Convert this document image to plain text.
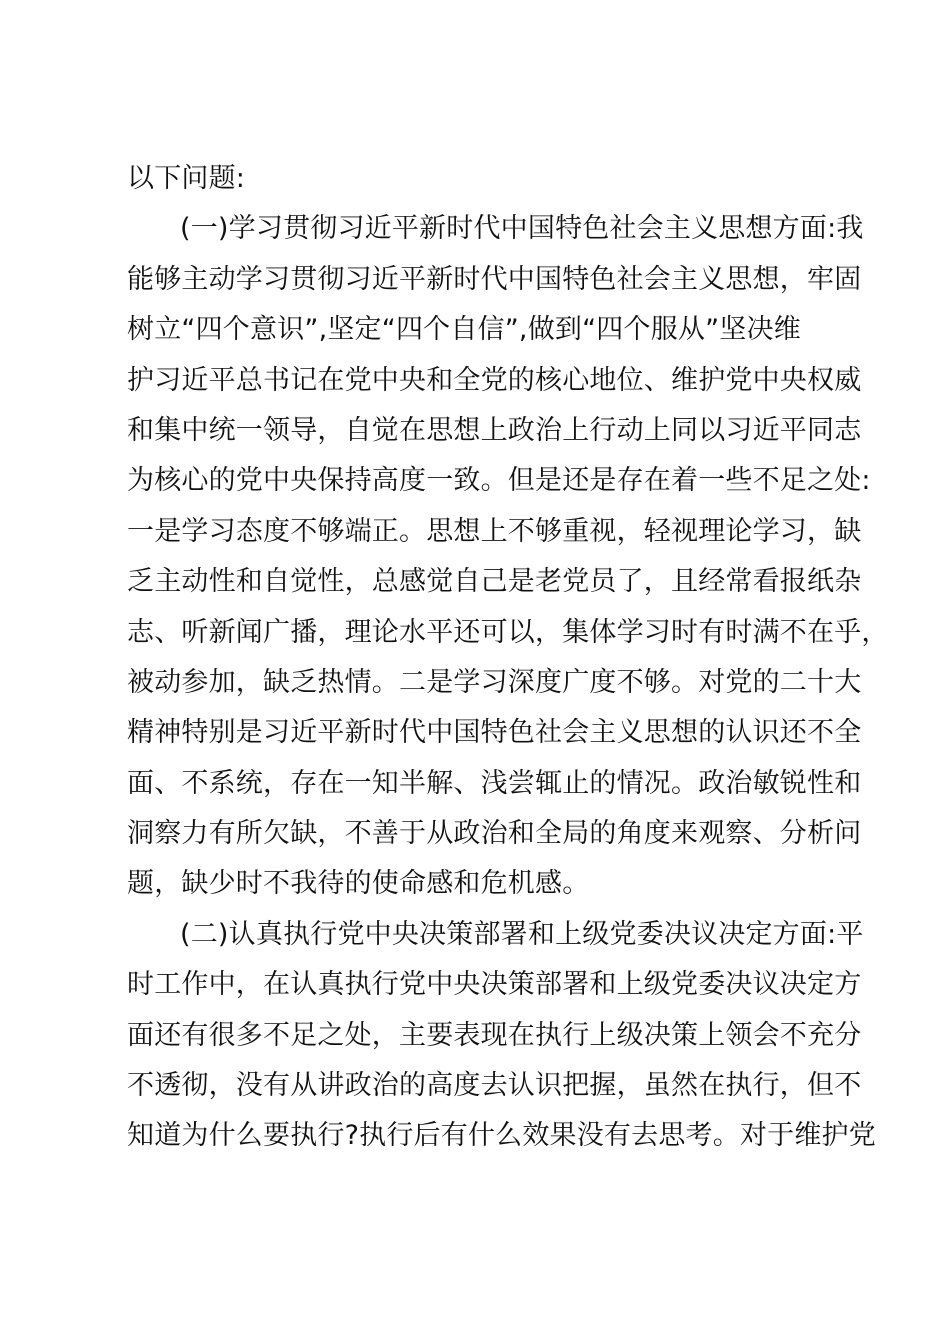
以下问题:
(一)学习贯彻习近平新时代中国特色社会主义思想方面:我
能够主动学习贯彻习近平新时代中国特色社会主义思想，牢固
树立“四个意识”,坚定“四个自信”,做到“四个服从”坚决维
护习近平总书记在党中央和全党的核心地位、维护党中央权威
和集中统一领导，自觉在思想上政治上行动上同以习近平同志
为核心的党中央保持高度一致。但是还是存在着一些不足之处:
一是学习态度不够端正。思想上不够重视，轻视理论学习，缺
乏主动性和自觉性，总感觉自己是老党员了，且经常看报纸杂
志、听新闻广播，理论水平还可以，集体学习时有时满不在乎，
被动参加，缺乏热情。二是学习深度广度不够。对党的二十大
精神特别是习近平新时代中国特色社会主义思想的认识还不全
面、不系统，存在一知半解、浅尝辄止的情况。政治敏锐性和
洞察力有所欠缺，不善于从政治和全局的角度来观察、分析问
题，缺少时不我待的使命感和危机感。
(二)认真执行党中央决策部署和上级党委决议决定方面:平
时工作中，在认真执行党中央决策部署和上级党委决议决定方
面还有很多不足之处，主要表现在执行上级决策上领会不充分
不透彻，没有从讲政治的高度去认识把握，虽然在执行，但不
知道为什么要执行?执行后有什么效果没有去思考。对于维护党
